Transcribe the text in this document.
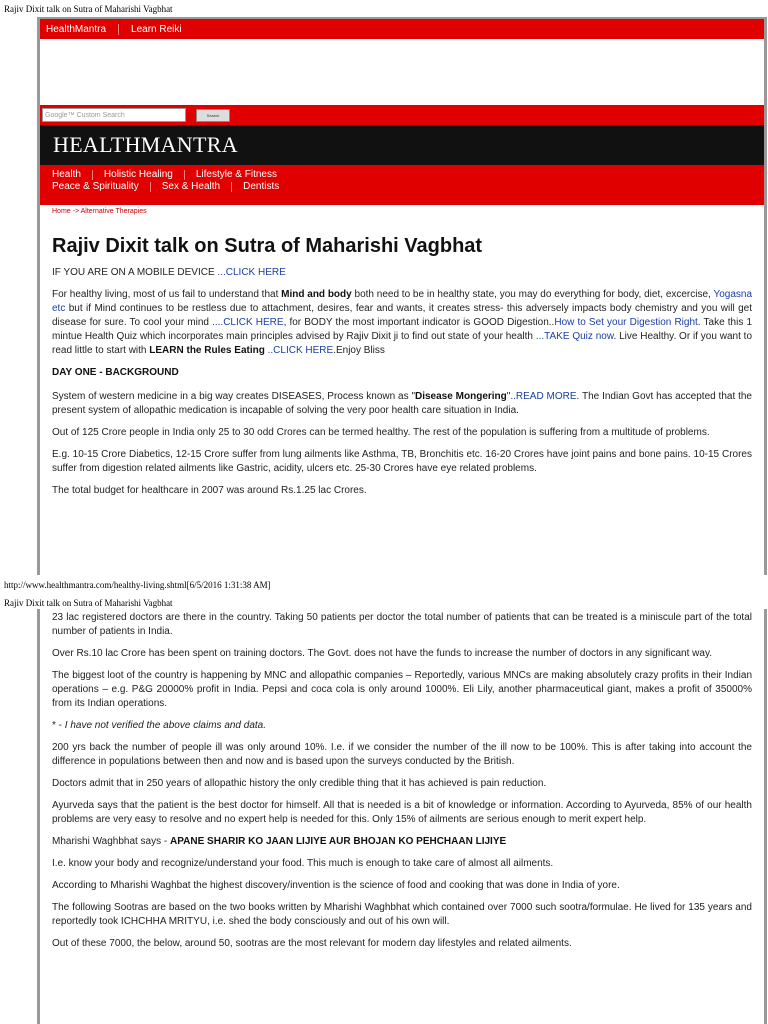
Rajiv Dixit talk on Sutra of Maharishi Vagbhat
HealthMantra	Learn Reiki
Google™ Custom Search	Search
HEALTHMANTRA
Health Holistic Healing Lifestyle & Fitness
Peace & Spirituality Sex & Health Dentists
Home -> Alternative Therapies
Rajiv Dixit talk on Sutra of Maharishi Vagbhat

IF YOU ARE ON A MOBILE DEVICE ...CLICK HERE

For healthy living, most of us fail to understand that Mind and body both need to be in healthy state, you may do everything for body, diet, excercise, Yogasna etc but if Mind continues to be restless due to attachment, desires, fear and wants, it creates stress- this adversely impacts body chemistry and you will get disease for sure. To cool your mind ....CLICK HERE, for BODY the most important indicator is GOOD Digestion..How to Set your Digestion Right. Take this 1 mintue Health Quiz which incorporates main principles advised by Rajiv Dixit ji to find out state of your health ...TAKE Quiz now. Live Healthy. Or if you want to read little to start with LEARN the Rules Eating ..CLICK HERE.Enjoy Bliss

DAY ONE - BACKGROUND

System of western medicine in a big way creates DISEASES, Process known as "Disease Mongering"..READ MORE. The Indian Govt has accepted that the present system of allopathic medication is incapable of solving the very poor health care situation in India.

Out of 125 Crore people in India only 25 to 30 odd Crores can be termed healthy. The rest of the population is suffering from a multitude of problems.

E.g. 10-15 Crore Diabetics, 12-15 Crore suffer from lung ailments like Asthma, TB, Bronchitis etc. 16-20 Crores have joint pains and bone pains. 10-15 Crores suffer from digestion related ailments like Gastric, acidity, ulcers etc. 25-30 Crores have eye related problems.

The total budget for healthcare in 2007 was around Rs.1.25 lac Crores.

http://www.healthmantra.com/healthy-living.shtml[6/5/2016 1:31:38 AM]
Rajiv Dixit talk on Sutra of Maharishi Vagbhat

23 lac registered doctors are there in the country. Taking 50 patients per doctor the total number of patients that can be treated is a miniscule part of the total number of patients in India.

Over Rs.10 lac Crore has been spent on training doctors. The Govt. does not have the funds to increase the number of doctors in any significant way.

The biggest loot of the country is happening by MNC and allopathic companies – Reportedly, various MNCs are making absolutely crazy profits in their Indian operations – e.g. P&G 20000% profit in India. Pepsi and coca cola is only around 1000%. Eli Lily, another pharmaceutical giant, makes a profit of 35000% from its Indian operations.

* - I have not verified the above claims and data.

200 yrs back the number of people ill was only around 10%. I.e. if we consider the number of the ill now to be 100%. This is after taking into account the difference in populations between then and now and is based upon the surveys conducted by the British.

Doctors admit that in 250 years of allopathic history the only credible thing that it has achieved is pain reduction.

Ayurveda says that the patient is the best doctor for himself. All that is needed is a bit of knowledge or information. According to Ayurveda, 85% of our health problems are very easy to resolve and no expert help is needed for this. Only 15% of ailments are serious enough to merit expert help.

Mharishi Waghbhat says - APANE SHARIR KO JAAN LIJIYE AUR BHOJAN KO PEHCHAAN LIJIYE

I.e. know your body and recognize/understand your food. This much is enough to take care of almost all ailments.

According to Mharishi Waghbat the highest discovery/invention is the science of food and cooking that was done in India of yore.

The following Sootras are based on the two books written by Mharishi Waghbhat which contained over 7000 such sootra/formulae. He lived for 135 years and reportedly took ICHCHHA MRITYU, i.e. shed the body consciously and out of his own will.

Out of these 7000, the below, around 50, sootras are the most relevant for modern day lifestyles and related ailments.
